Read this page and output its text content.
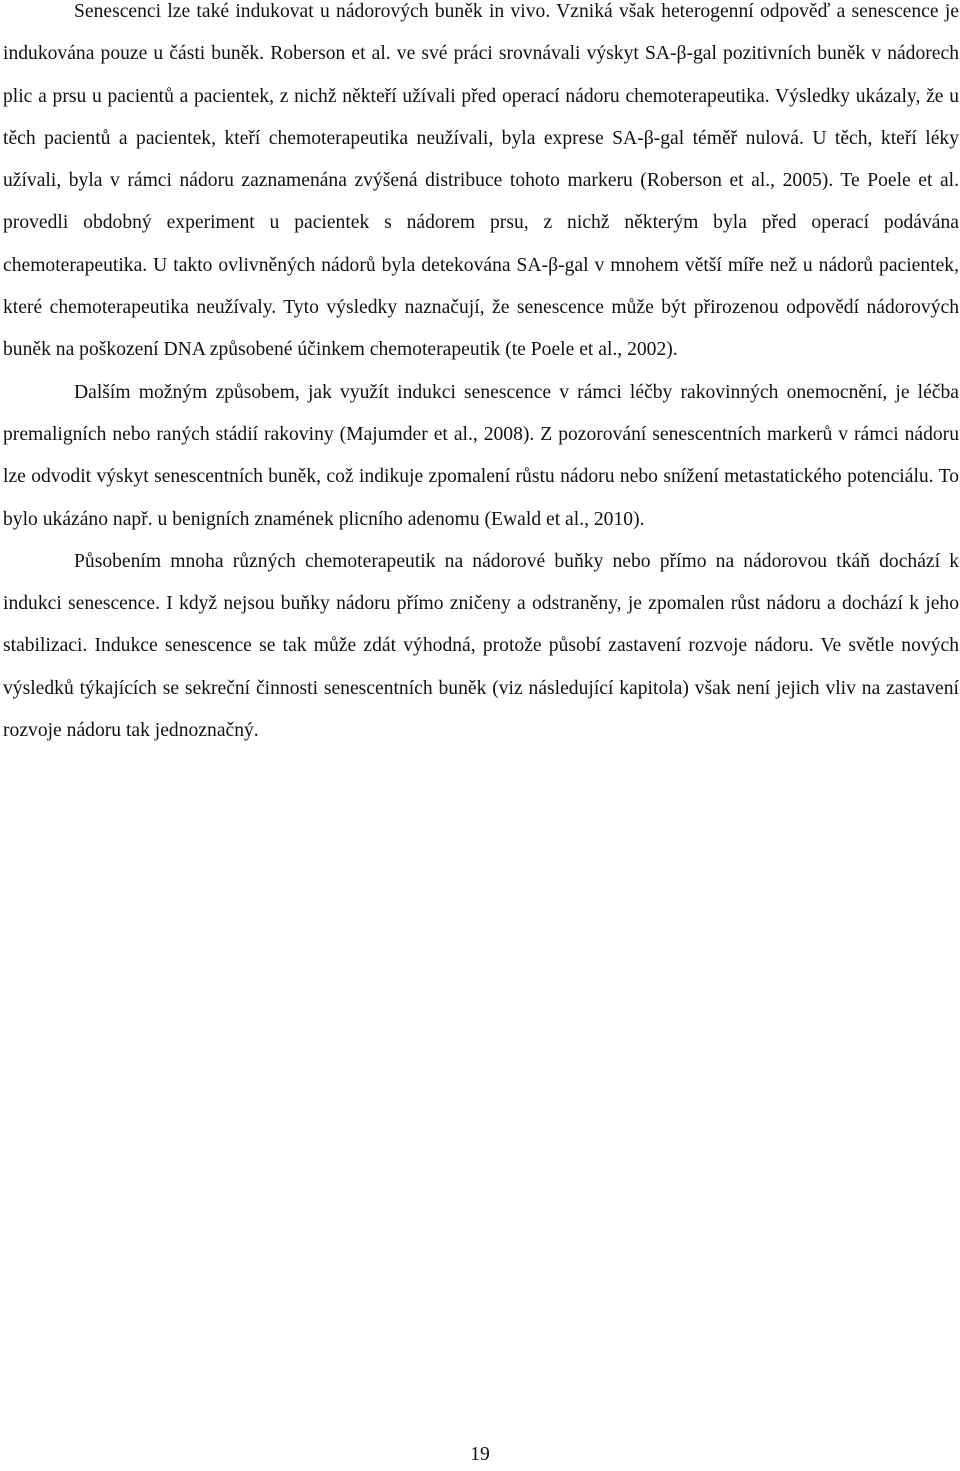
Senescenci lze také indukovat u nádorových buněk in vivo. Vzniká však heterogenní odpověď a senescence je indukována pouze u části buněk. Roberson et al. ve své práci srovnávali výskyt SA-β-gal pozitivních buněk v nádorech plic a prsu u pacientů a pacientek, z nichž někteří užívali před operací nádoru chemoterapeutika. Výsledky ukázaly, že u těch pacientů a pacientek, kteří chemoterapeutika neužívali, byla exprese SA-β-gal téměř nulová. U těch, kteří léky užívali, byla v rámci nádoru zaznamenána zvýšená distribuce tohoto markeru (Roberson et al., 2005). Te Poele et al. provedli obdobný experiment u pacientek s nádorem prsu, z nichž některým byla před operací podávána chemoterapeutika. U takto ovlivněných nádorů byla detekována SA-β-gal v mnohem větší míře než u nádorů pacientek, které chemoterapeutika neužívaly. Tyto výsledky naznačují, že senescence může být přirozenou odpovědí nádorových buněk na poškození DNA způsobené účinkem chemoterapeutik (te Poele et al., 2002).

Dalším možným způsobem, jak využít indukci senescence v rámci léčby rakovinných onemocnění, je léčba premaligních nebo raných stádií rakoviny (Majumder et al., 2008). Z pozorování senescentních markerů v rámci nádoru lze odvodit výskyt senescentních buněk, což indikuje zpomalení růstu nádoru nebo snížení metastatického potenciálu. To bylo ukázáno např. u benigních znamének plicního adenomu (Ewald et al., 2010).

Působením mnoha různých chemoterapeutik na nádorové buňky nebo přímo na nádorovou tkáň dochází k indukci senescence. I když nejsou buňky nádoru přímo zničeny a odstraněny, je zpomalen růst nádoru a dochází k jeho stabilizaci. Indukce senescence se tak může zdát výhodná, protože působí zastavení rozvoje nádoru. Ve světle nových výsledků týkajících se sekreční činnosti senescentních buněk (viz následující kapitola) však není jejich vliv na zastavení rozvoje nádoru tak jednoznačný.

19
